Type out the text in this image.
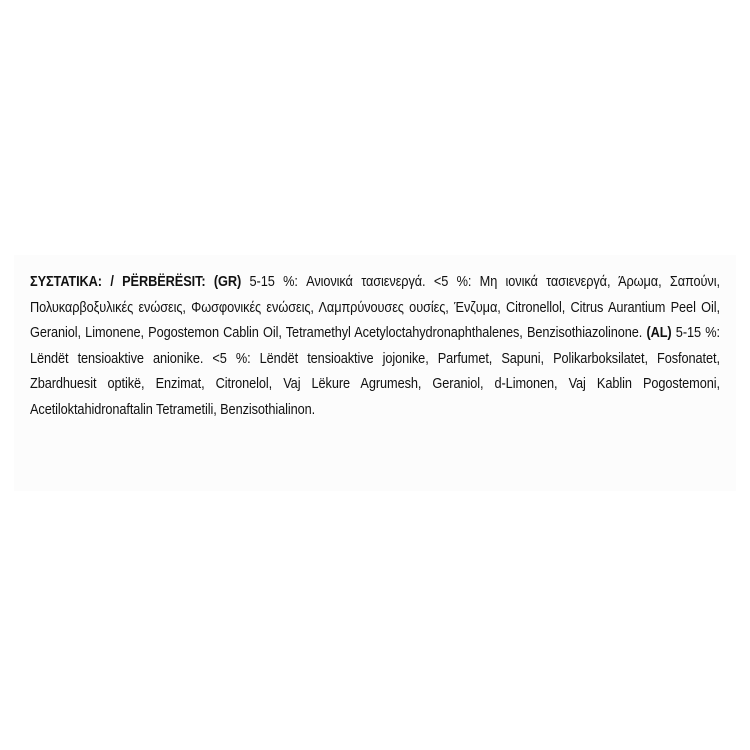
ΣΥΣΤΑΤΙΚΑ: / PËRBËRËSIT: (GR) 5-15 %: Ανιονικά τασιενεργά. <5 %: Μη ιονικά τασιενεργά, Άρωμα, Σαπούνι, Πολυκαρβοξυλικές ενώσεις, Φωσφονικές ενώσεις, Λαμπρύνουσες ουσίες, Ένζυμα, Citronellol, Citrus Aurantium Peel Oil, Geraniol, Limonene, Pogostemon Cablin Oil, Tetramethyl Acetyloctahydronaphthalenes, Benzisothiazolinone. (AL) 5-15 %: Lëndët tensioaktive anionike. <5 %: Lëndët tensioaktive jojonike, Parfumet, Sapuni, Polikarboksilatet, Fosfonatet, Zbardhuesit optikë, Enzimat, Citronelol, Vaj Lëkure Agrumesh, Geraniol, d-Limonen, Vaj Kablin Pogostemoni, Acetiloktahidronaftalin Tetrametili, Benzisothialinon.
